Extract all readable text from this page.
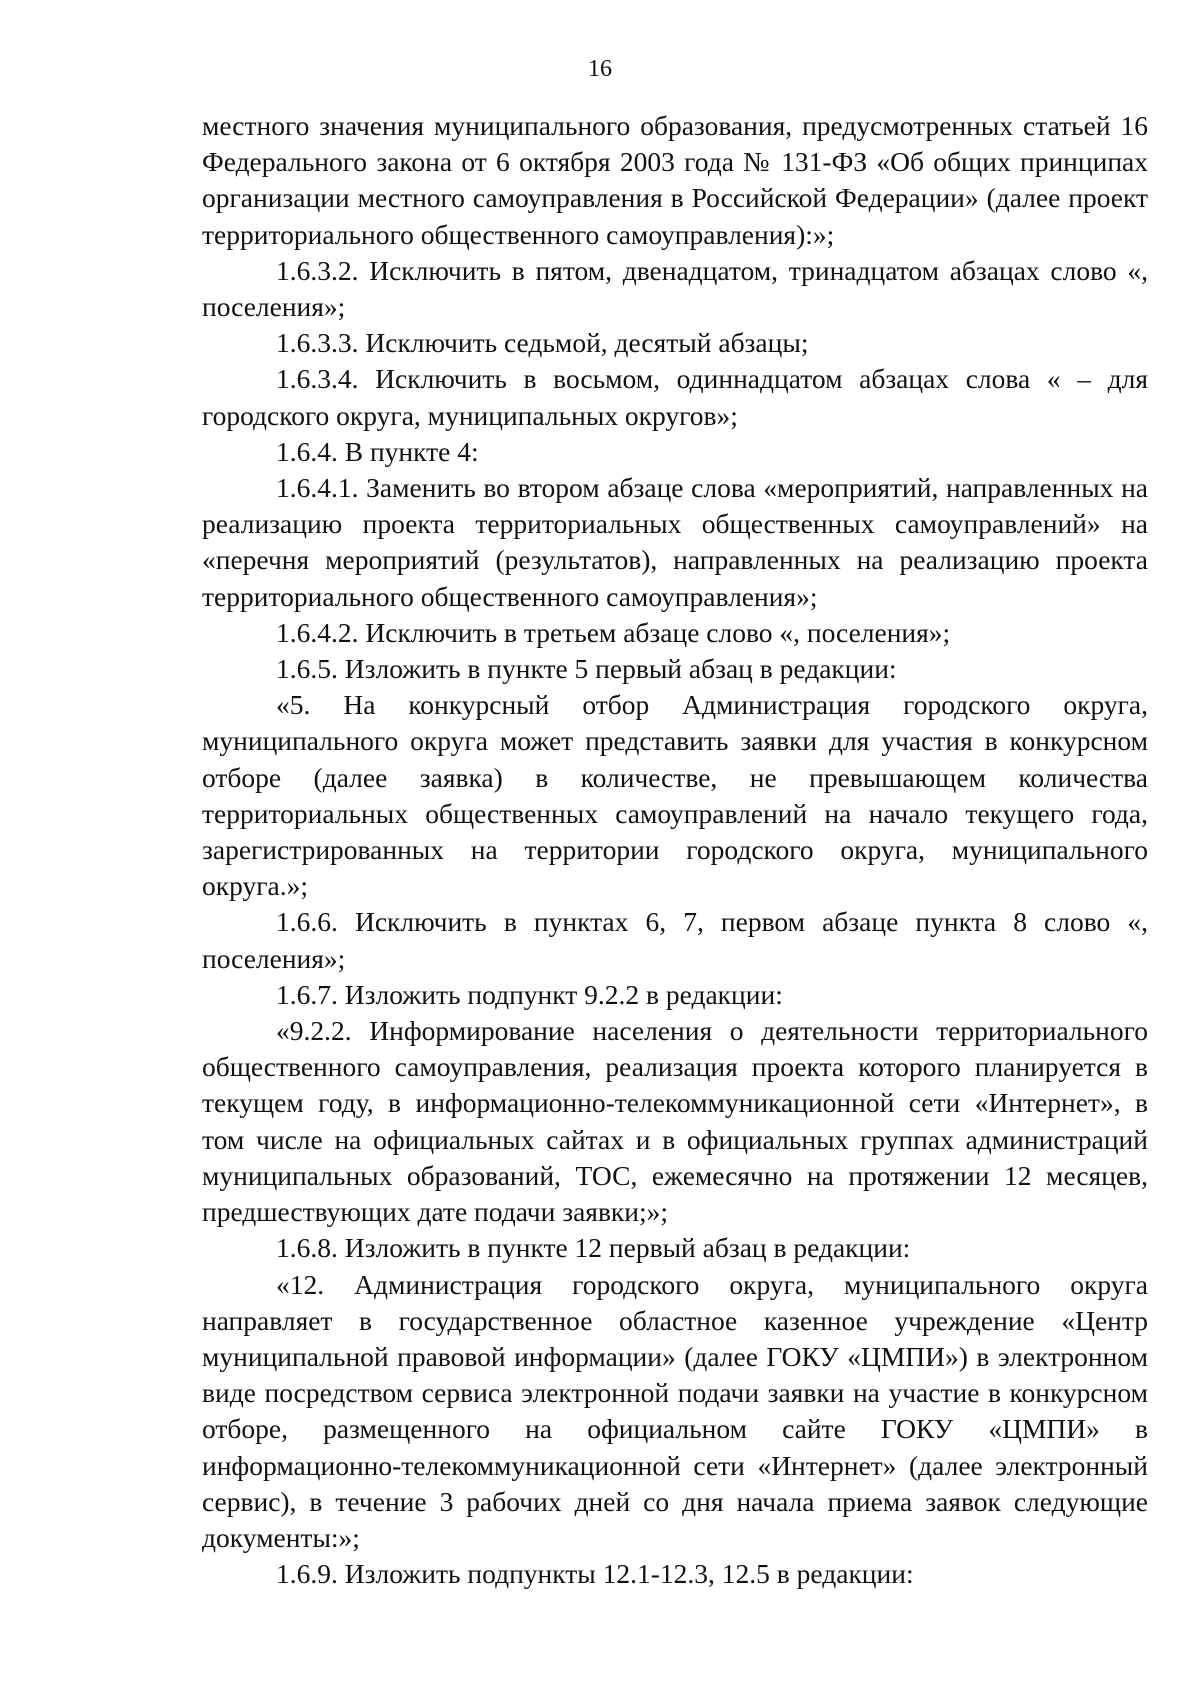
16

местного значения муниципального образования, предусмотренных статьей 16 Федерального закона от 6 октября 2003 года № 131-ФЗ «Об общих принципах организации местного самоуправления в Российской Федерации» (далее проект территориального общественного самоуправления):»;

1.6.3.2. Исключить в пятом, двенадцатом, тринадцатом абзацах слово «, поселения»;

1.6.3.3. Исключить седьмой, десятый абзацы;

1.6.3.4. Исключить в восьмом, одиннадцатом абзацах слова « – для городского округа, муниципальных округов»;

1.6.4. В пункте 4:

1.6.4.1. Заменить во втором абзаце слова «мероприятий, направленных на реализацию проекта территориальных общественных самоуправлений» на «перечня мероприятий (результатов), направленных на реализацию проекта территориального общественного самоуправления»;

1.6.4.2. Исключить в третьем абзаце слово «, поселения»;

1.6.5. Изложить в пункте 5 первый абзац в редакции:

«5. На конкурсный отбор Администрация городского округа, муниципального округа может представить заявки для участия в конкурсном отборе (далее заявка) в количестве, не превышающем количества территориальных общественных самоуправлений на начало текущего года, зарегистрированных на территории городского округа, муниципального округа.»;

1.6.6. Исключить в пунктах 6, 7, первом абзаце пункта 8 слово «, поселения»;

1.6.7. Изложить подпункт 9.2.2 в редакции:

«9.2.2. Информирование населения о деятельности территориального общественного самоуправления, реализация проекта которого планируется в текущем году, в информационно-телекоммуникационной сети «Интернет», в том числе на официальных сайтах и в официальных группах администраций муниципальных образований, ТОС, ежемесячно на протяжении 12 месяцев, предшествующих дате подачи заявки;»;

1.6.8. Изложить в пункте 12 первый абзац в редакции:

«12. Администрация городского округа, муниципального округа направляет в государственное областное казенное учреждение «Центр муниципальной правовой информации» (далее ГОКУ «ЦМПИ») в электронном виде посредством сервиса электронной подачи заявки на участие в конкурсном отборе, размещенного на официальном сайте ГОКУ «ЦМПИ» в информационно-телекоммуникационной сети «Интернет» (далее электронный сервис), в течение 3 рабочих дней со дня начала приема заявок следующие документы:»;

1.6.9. Изложить подпункты 12.1-12.3, 12.5 в редакции:
